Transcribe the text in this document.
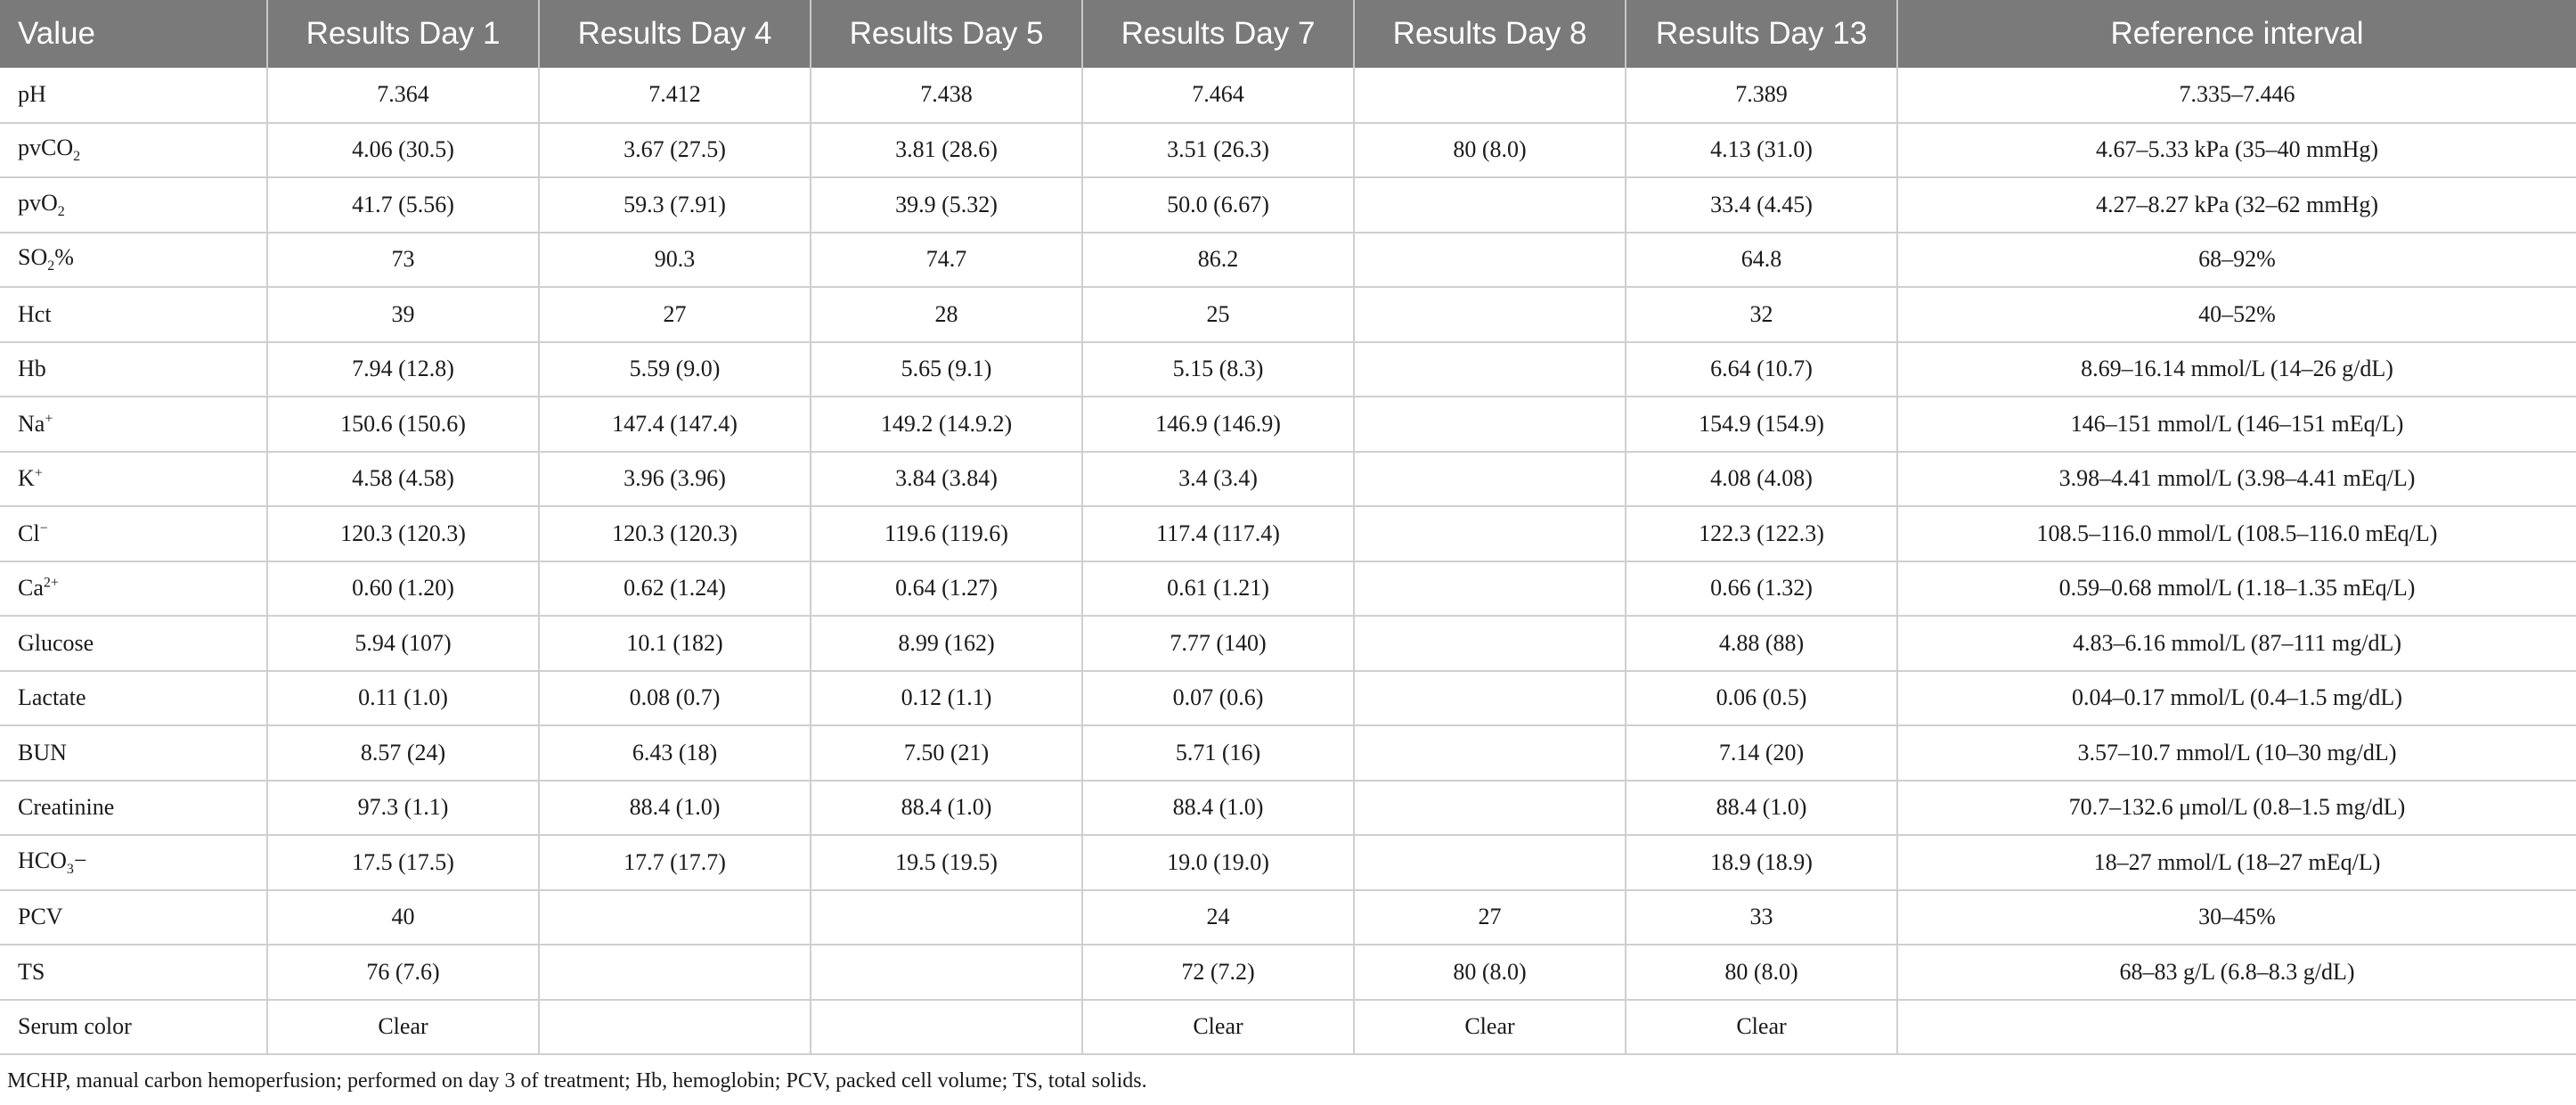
Value	Results Day 1	Results Day 4	Results Day 5	Results Day 7	Results Day 8	Results Day 13	Reference interval
pH	7.364	7.412	7.438	7.464		7.389	7.335–7.446
pvCO$_2$	4.06 (30.5)	3.67 (27.5)	3.81 (28.6)	3.51 (26.3)	80 (8.0)	4.13 (31.0)	4.67–5.33 kPa (35–40 mmHg)
pvO$_2$	41.7 (5.56)	59.3 (7.91)	39.9 (5.32)	50.0 (6.67)		33.4 (4.45)	4.27–8.27 kPa (32–62 mmHg)
$SO_2\%$	73	90.3	74.7	86.2		64.8	68–92%
Hct	39	27	28	25		32	40–52%
Hb	7.94 (12.8)	5.59 (9.0)	5.65 (9.1)	5.15 (8.3)		6.64 (10.7)	8.69–16.14 mmol/L (14–26 g/dL)
Na+	150.6 (150.6)	147.4 (147.4)	149.2 (14.9.2)	146.9 (146.9)		154.9 (154.9)	146–151 mmol/L (146–151 mEq/L)
K+	4.58 (4.58)	3.96 (3.96)	3.84 (3.84)	3.4 (3.4)		4.08 (4.08)	3.98–4.41 mmol/L (3.98–4.41 mEq/L)
Cl−	120.3 (120.3)	120.3 (120.3)	119.6 (119.6)	117.4 (117.4)		122.3 (122.3)	108.5–116.0 mmol/L (108.5–116.0 mEq/L)
$Ca^{2+}$	0.60 (1.20)	0.62 (1.24)	0.64 (1.27)	0.61 (1.21)		0.66 (1.32)	0.59–0.68 mmol/L (1.18–1.35 mEq/L)
Glucose	5.94 (107)	10.1 (182)	8.99 (162)	7.77 (140)		4.88 (88)	4.83–6.16 mmol/L (87–111 mg/dL)
Lactate	0.11 (1.0)	0.08 (0.7)	0.12 (1.1)	0.07 (0.6)		0.06 (0.5)	0.04–0.17 mmol/L (0.4–1.5 mg/dL)
BUN	8.57 (24)	6.43 (18)	7.50 (21)	5.71 (16)		7.14 (20)	3.57–10.7 mmol/L (10–30 mg/dL)
Creatinine	97.3 (1.1)	88.4 (1.0)	88.4 (1.0)	88.4 (1.0)		88.4 (1.0)	70.7–132.6 μmol/L (0.8–1.5 mg/dL)
$HCO_3-$	17.5 (17.5)	17.7 (17.7)	19.5 (19.5)	19.0 (19.0)		18.9 (18.9)	18–27 mmol/L (18–27 mEq/L)
PCV	40			24	27	33	30–45%
TS	76 (7.6)			72 (7.2)	80 (8.0)	80 (8.0)	68–83 g/L (6.8–8.3 g/dL)
Serum color	Clear			Clear	Clear	Clear	
MCHP, manual carbon hemoperfusion; performed on day 3 of treatment; Hb, hemoglobin; PCV, packed cell volume; TS, total solids.
